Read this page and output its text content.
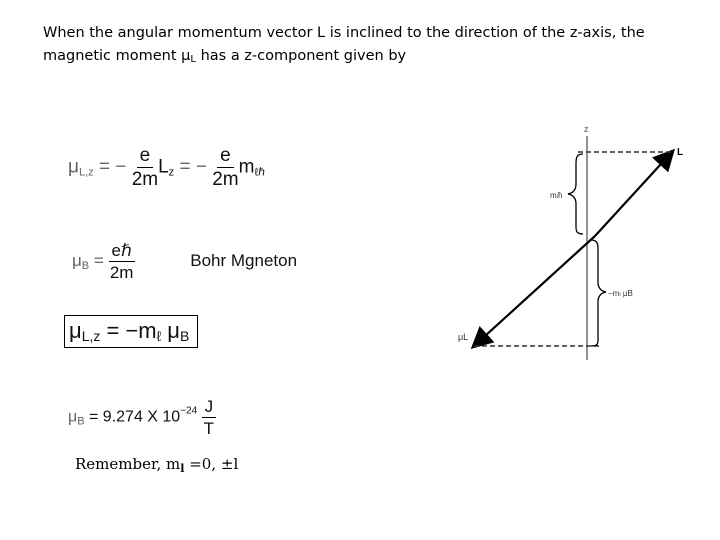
When the angular momentum vector L is inclined to the direction of the z-axis, the
magnetic moment $\mu_L$ has a z-component given by
$\mu_{L,z}$ = − $\frac{e}{2m} L_z$ = − $\frac{e}{2m} m_{\ell\hbar}$
$\mu_B = \frac{\text{eℏ}}{2m}$	Bohr Mgneton
$\mu_{L,z} = -m_\ell$ $\mu_B$
$\mu_B = 9.274$ X $10^{-24} \frac{J}{T}$
Remember, $m_l =0$, ±l
z
L
μL
mₗħ
−mₗ μB
